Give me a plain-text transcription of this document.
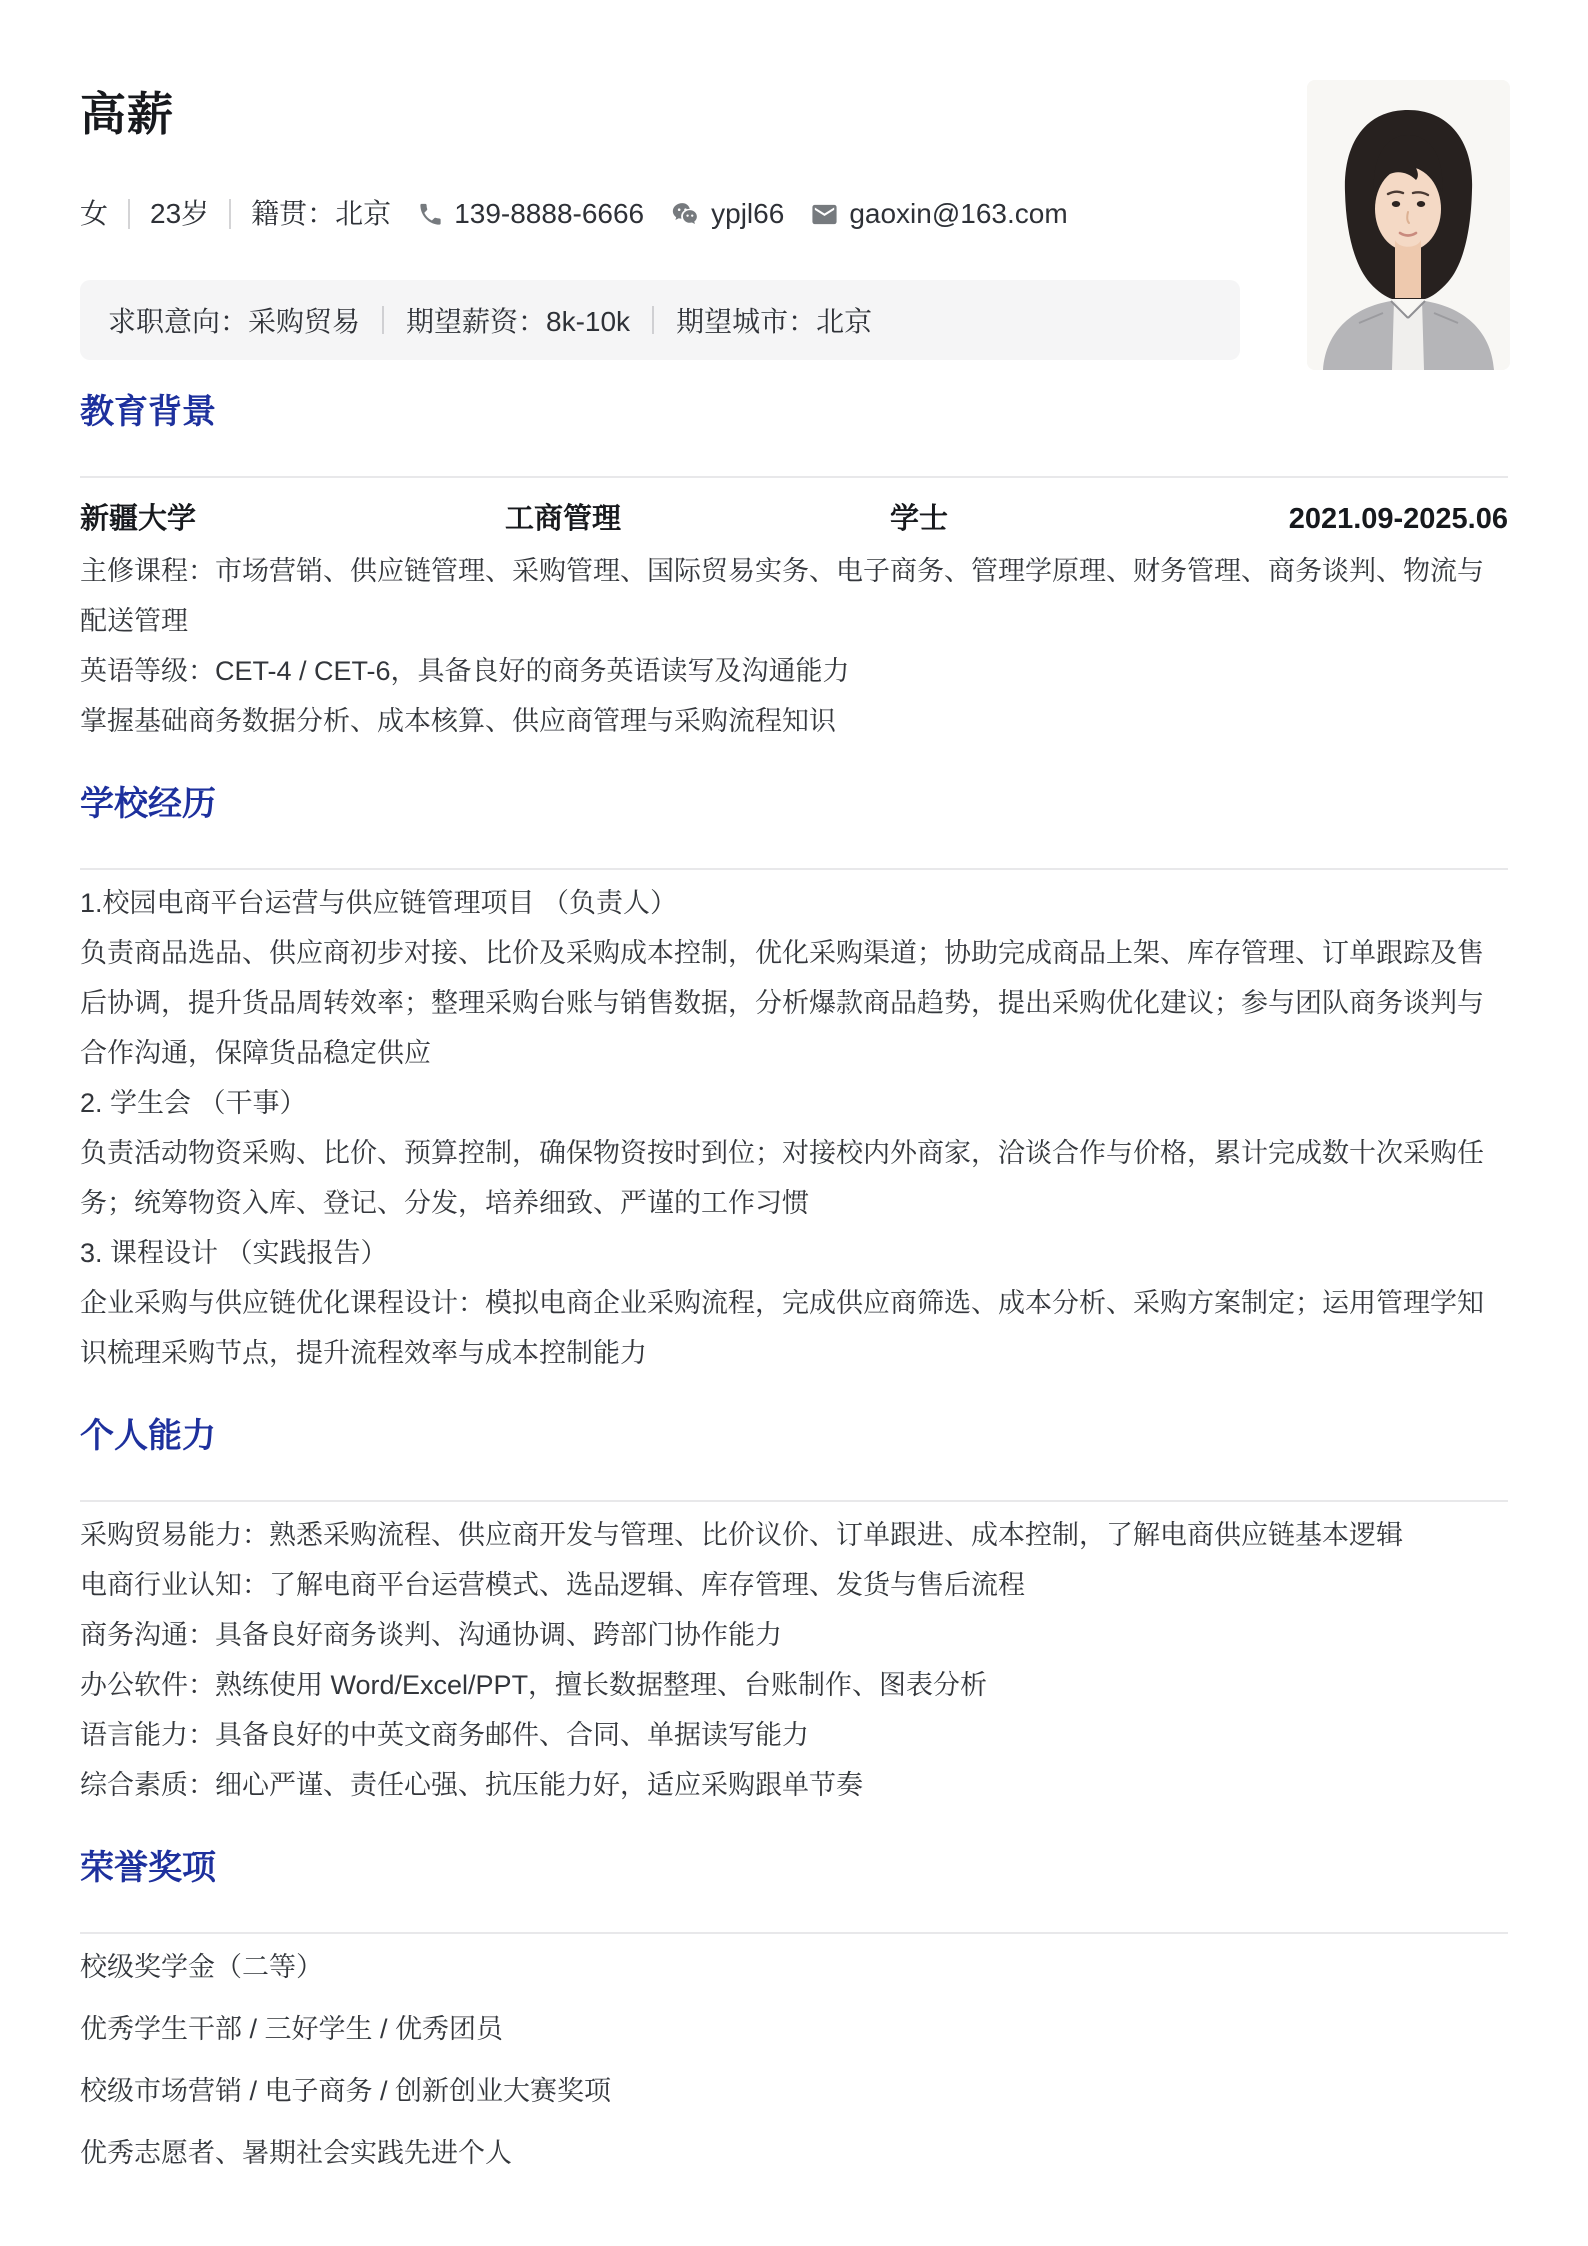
高薪
女 23岁 籍贯：北京 139-8888-6666 ypjl66 gaoxin@163.com
求职意向：采购贸易 期望薪资：8k-10k 期望城市：北京
教育背景
新疆大学	工商管理	学士	2021.09-2025.06

主修课程：市场营销、供应链管理、采购管理、国际贸易实务、电子商务、管理学原理、财务管理、商务谈判、物流与配送管理

英语等级：CET-4 / CET-6，具备良好的商务英语读写及沟通能力

掌握基础商务数据分析、成本核算、供应商管理与采购流程知识

学校经历

1.校园电商平台运营与供应链管理项目 （负责人）

负责商品选品、供应商初步对接、比价及采购成本控制，优化采购渠道；协助完成商品上架、库存管理、订单跟踪及售后协调，提升货品周转效率；整理采购台账与销售数据，分析爆款商品趋势，提出采购优化建议；参与团队商务谈判与合作沟通，保障货品稳定供应

2. 学生会 （干事）

负责活动物资采购、比价、预算控制，确保物资按时到位；对接校内外商家，洽谈合作与价格，累计完成数十次采购任务；统筹物资入库、登记、分发，培养细致、严谨的工作习惯

3. 课程设计 （实践报告）

企业采购与供应链优化课程设计：模拟电商企业采购流程，完成供应商筛选、成本分析、采购方案制定；运用管理学知识梳理采购节点，提升流程效率与成本控制能力

个人能力

采购贸易能力：熟悉采购流程、供应商开发与管理、比价议价、订单跟进、成本控制，了解电商供应链基本逻辑

电商行业认知：了解电商平台运营模式、选品逻辑、库存管理、发货与售后流程

商务沟通：具备良好商务谈判、沟通协调、跨部门协作能力

办公软件：熟练使用 Word/Excel/PPT，擅长数据整理、台账制作、图表分析

语言能力：具备良好的中英文商务邮件、合同、单据读写能力

综合素质：细心严谨、责任心强、抗压能力好，适应采购跟单节奏

荣誉奖项

校级奖学金（二等）

优秀学生干部 / 三好学生 / 优秀团员

校级市场营销 / 电子商务 / 创新创业大赛奖项

优秀志愿者、暑期社会实践先进个人
